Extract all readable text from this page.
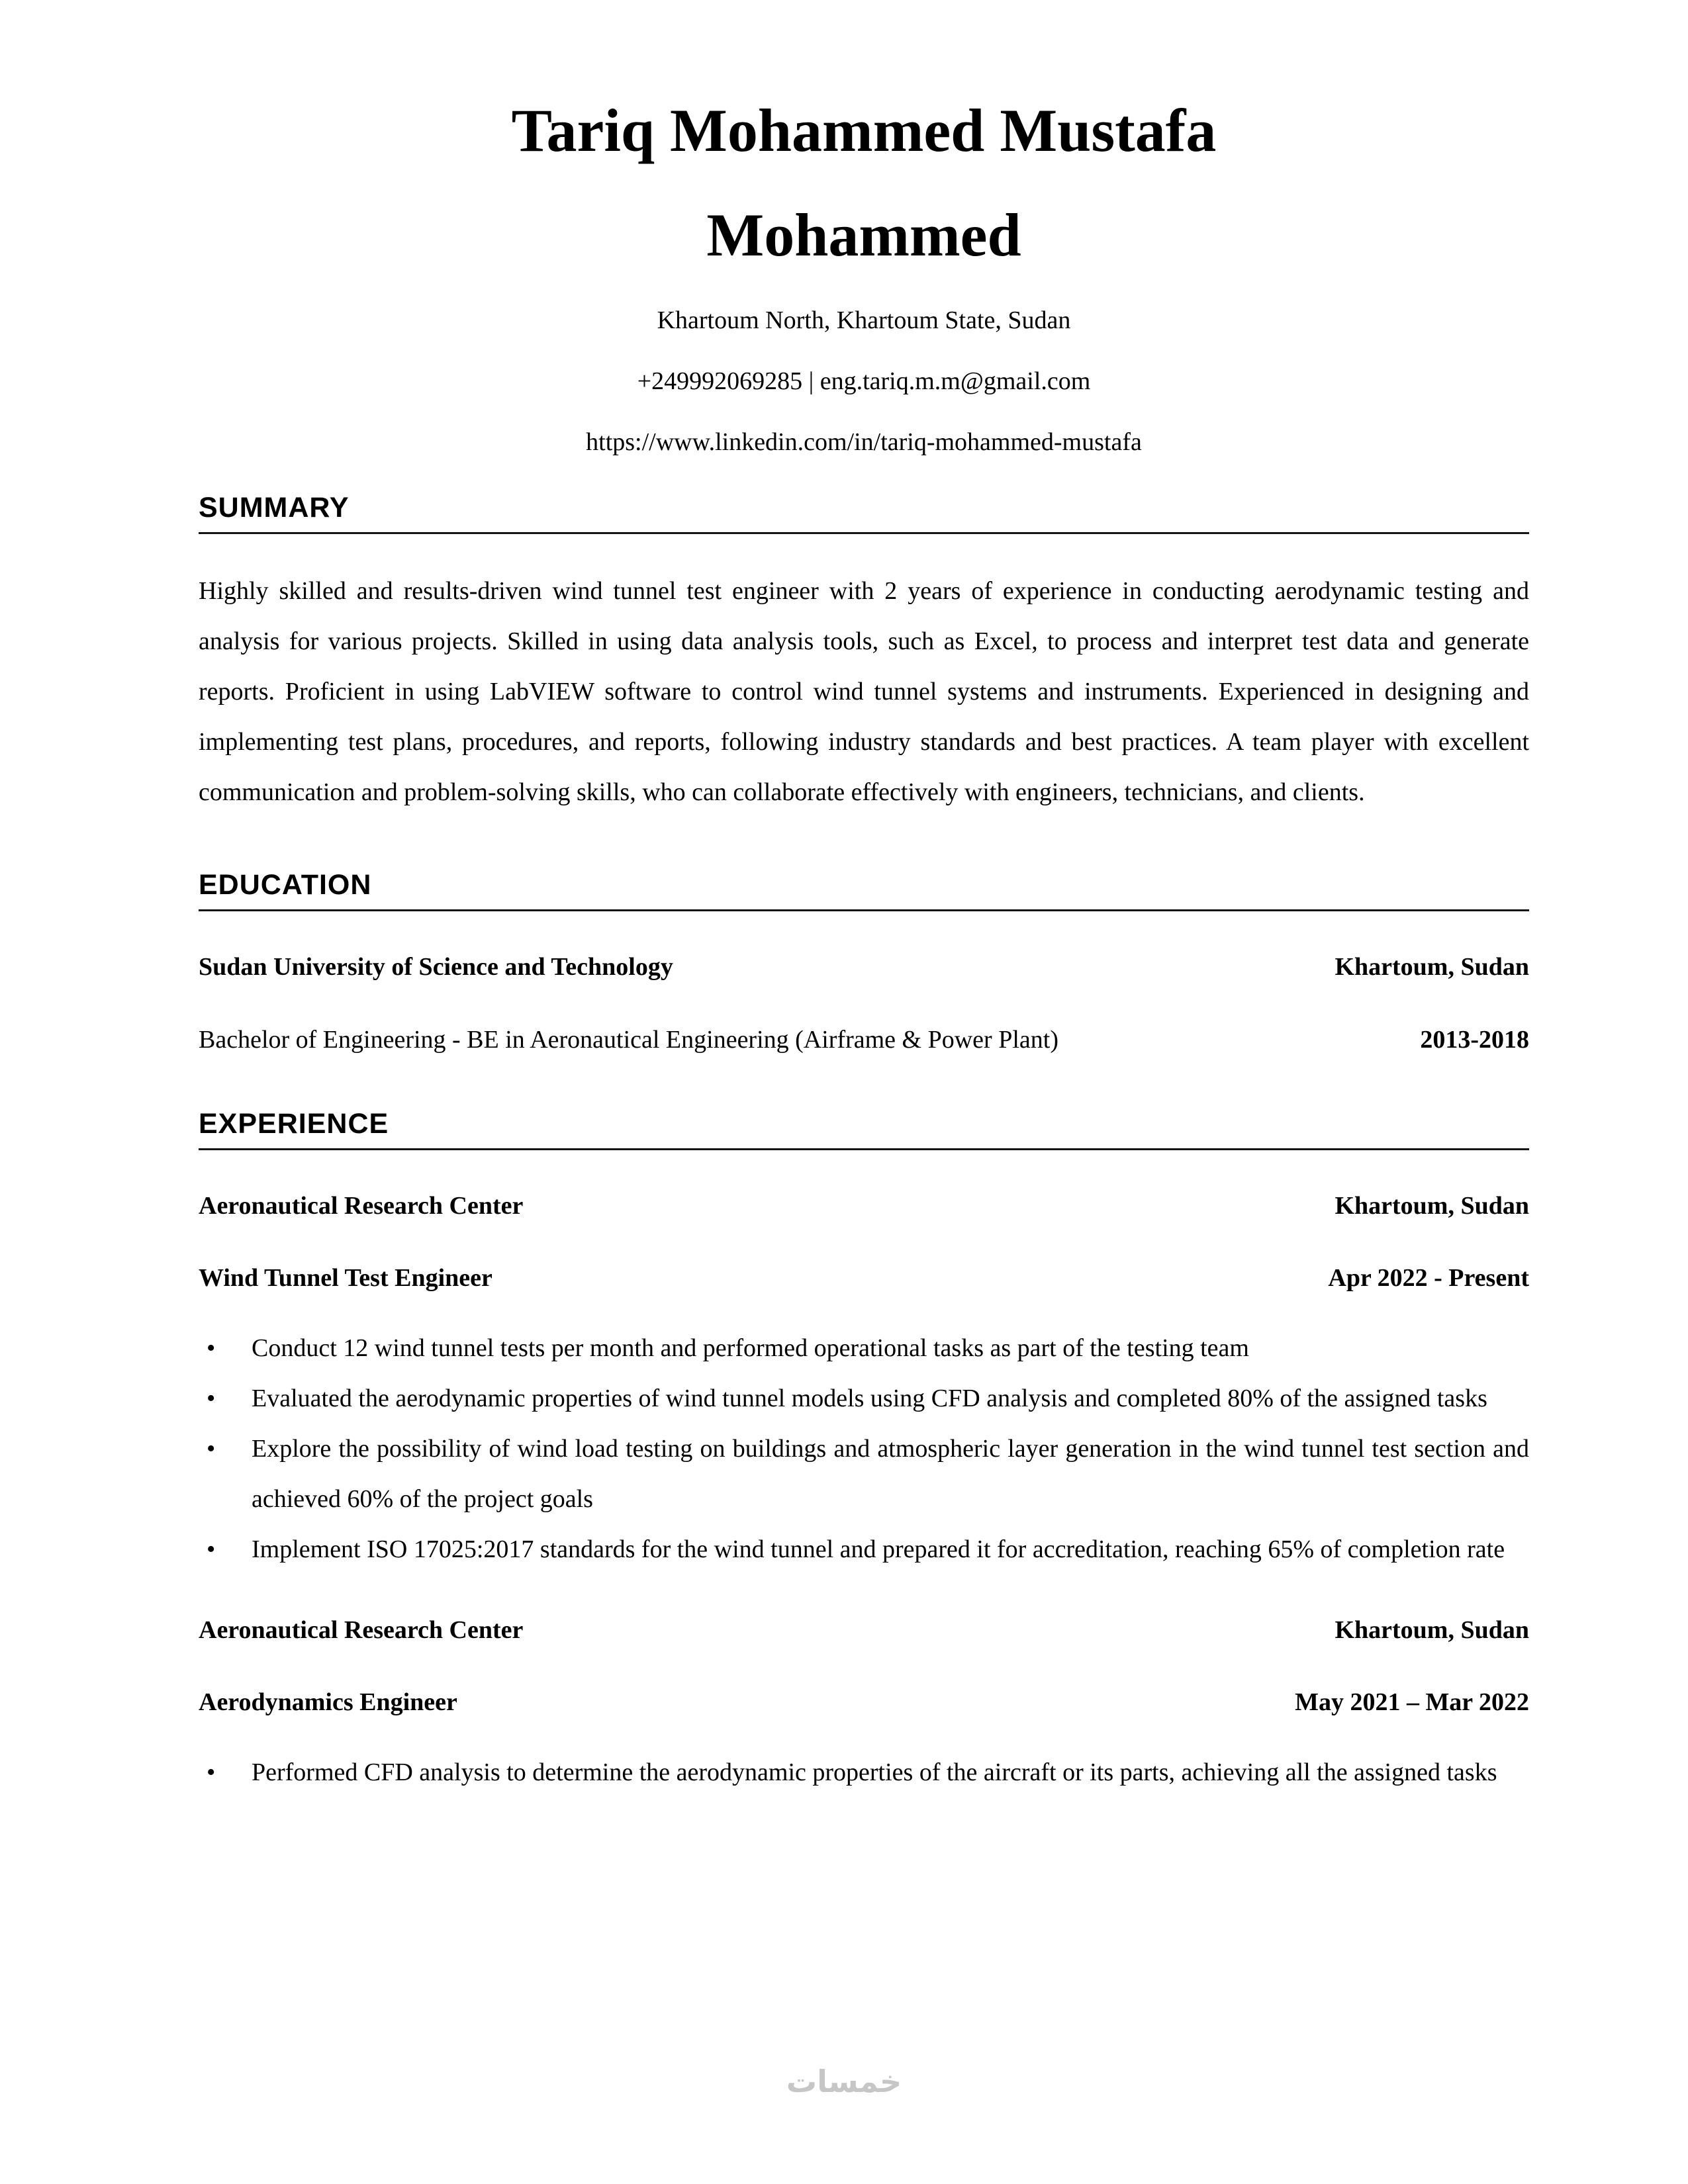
Tariq Mohammed Mustafa Mohammed
Khartoum North, Khartoum State, Sudan
+249992069285 | eng.tariq.m.m@gmail.com
https://www.linkedin.com/in/tariq-mohammed-mustafa
SUMMARY

Highly skilled and results-driven wind tunnel test engineer with 2 years of experience in conducting aerodynamic testing and analysis for various projects. Skilled in using data analysis tools, such as Excel, to process and interpret test data and generate reports. Proficient in using LabVIEW software to control wind tunnel systems and instruments. Experienced in designing and implementing test plans, procedures, and reports, following industry standards and best practices. A team player with excellent communication and problem-solving skills, who can collaborate effectively with engineers, technicians, and clients.

EDUCATION
Sudan University of Science and Technology	Khartoum, Sudan
Bachelor of Engineering - BE in Aeronautical Engineering (Airframe & Power Plant)	2013-2018
EXPERIENCE
Aeronautical Research Center	Khartoum, Sudan
Wind Tunnel Test Engineer	Apr 2022 - Present
• Conduct 12 wind tunnel tests per month and performed operational tasks as part of the testing team
• Evaluated the aerodynamic properties of wind tunnel models using CFD analysis and completed 80% of the assigned tasks
• Explore the possibility of wind load testing on buildings and atmospheric layer generation in the wind tunnel test section and achieved 60% of the project goals
• Implement ISO 17025:2017 standards for the wind tunnel and prepared it for accreditation, reaching 65% of completion rate
Aeronautical Research Center	Khartoum, Sudan
Aerodynamics Engineer	May 2021 – Mar 2022
• Performed CFD analysis to determine the aerodynamic properties of the aircraft or its parts, achieving all the assigned tasks
خمسات
